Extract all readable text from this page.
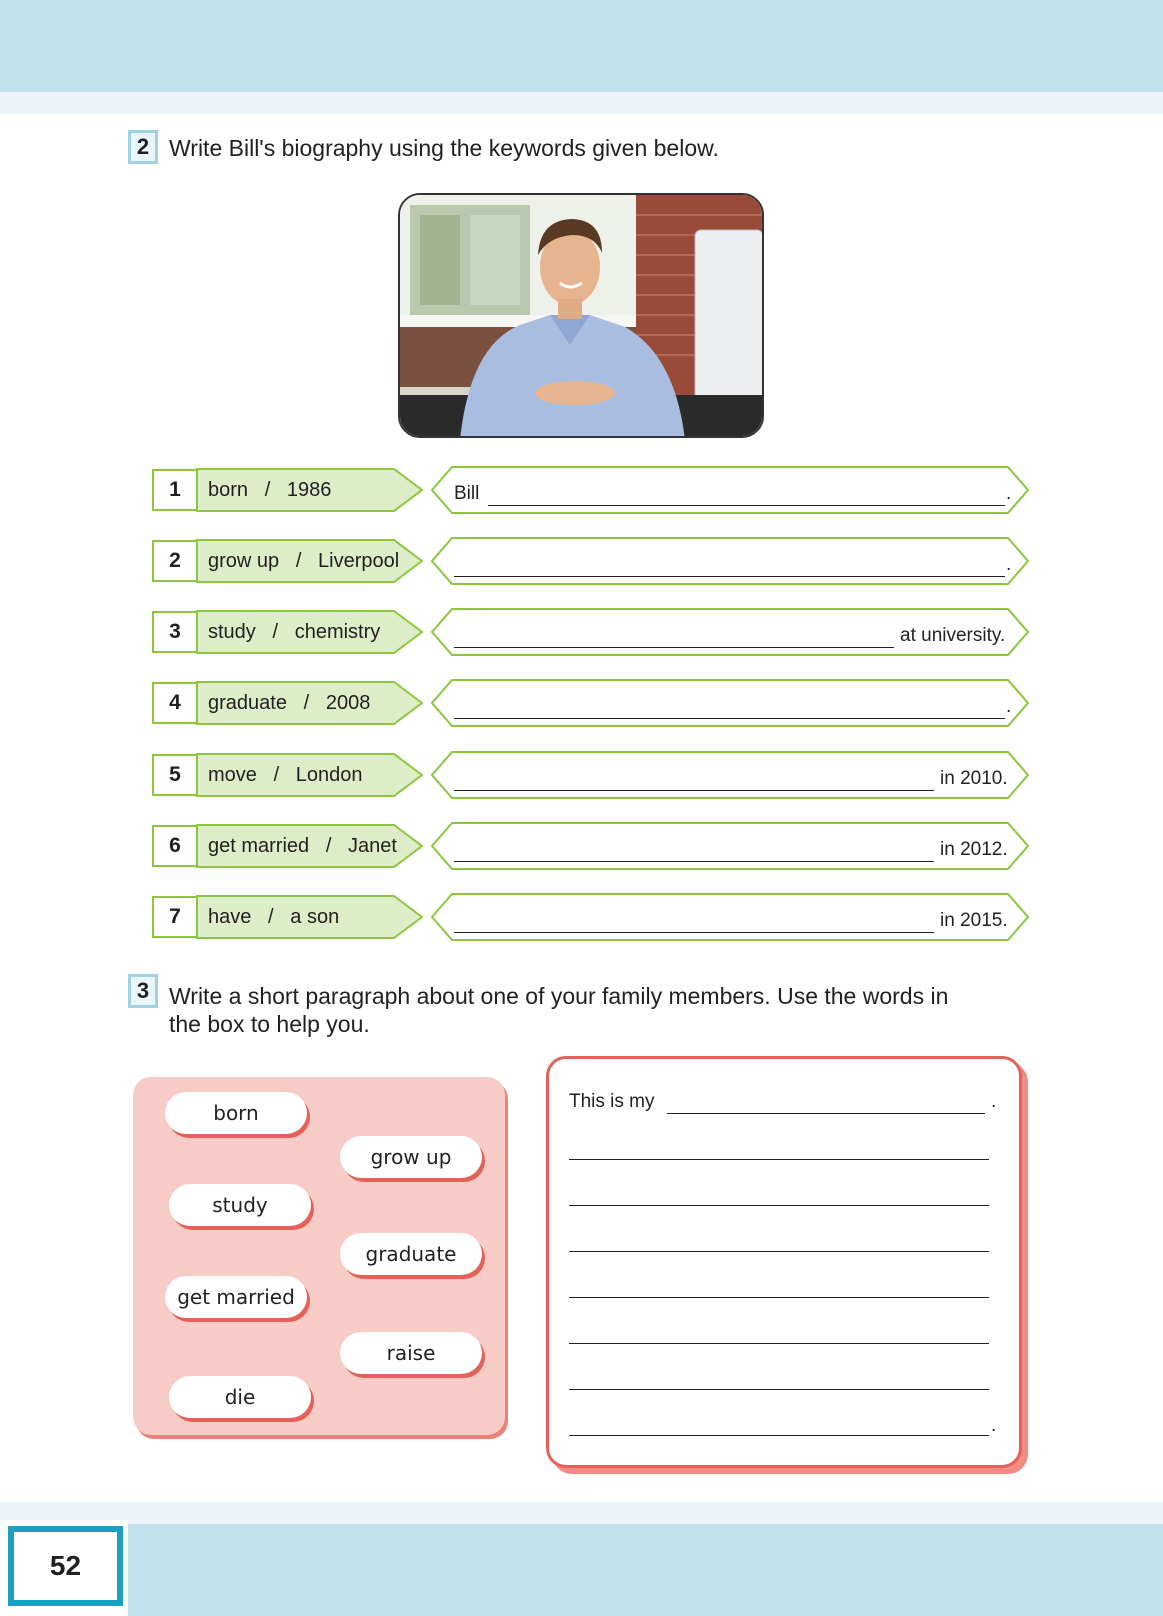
2 Write Bill's biography using the keywords given below.
1	born   /   1986	Bill	.
2	grow up   /   Liverpool	.
3	study   /   chemistry	at university.
4	graduate   /   2008	.
5	move   /   London	in 2010.
6	get married   /   Janet	in 2012.
7	have   /   a son	in 2015.
3 Write a short paragraph about one of your family members. Use the words in
the box to help you.
born
grow up
study
graduate
get married
raise
die
This is my	.
.
52
